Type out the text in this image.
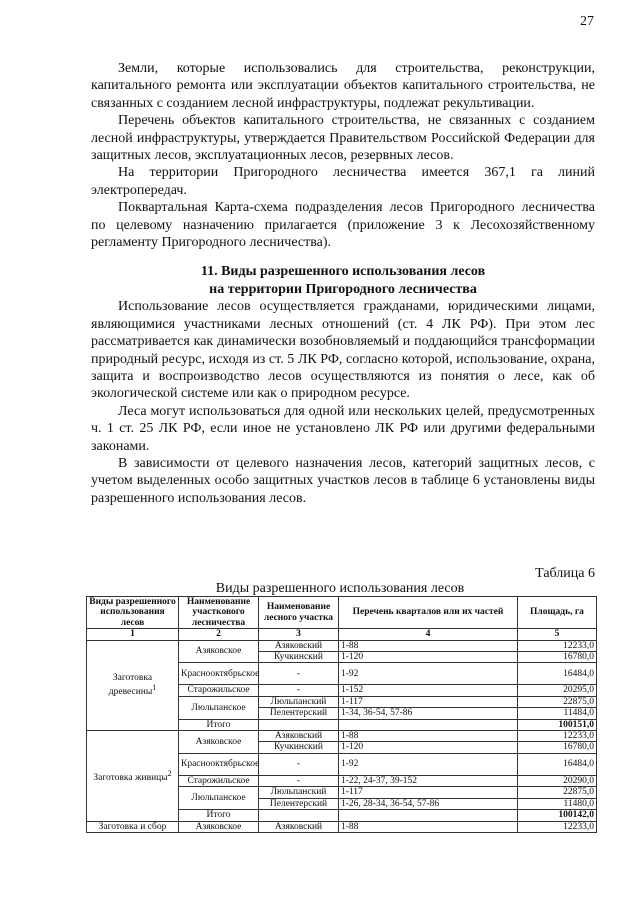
27

Земли, которые использовались для строительства, реконструкции, капитального ремонта или эксплуатации объектов капитального строительства, не связанных с созданием лесной инфраструктуры, подлежат рекультивации.

Перечень объектов капитального строительства, не связанных с созданием лесной инфраструктуры, утверждается Правительством Российской Федерации для защитных лесов, эксплуатационных лесов, резервных лесов.

На территории Пригородного лесничества имеется 367,1 га линий электропередач.

Поквартальная Карта-схема подразделения лесов Пригородного лесничества по целевому назначению прилагается (приложение 3 к Лесохозяйственному регламенту Пригородного лесничества).

11. Виды разрешенного использования лесов
на территории Пригородного лесничества

Использование лесов осуществляется гражданами, юридическими лицами, являющимися участниками лесных отношений (ст. 4 ЛК РФ). При этом лес рассматривается как динамически возобновляемый и поддающийся трансформации природный ресурс, исходя из ст. 5 ЛК РФ, согласно которой, использование, охрана, защита и воспроизводство лесов осуществляются из понятия о лесе, как об экологической системе или как о природном ресурсе.

Леса могут использоваться для одной или нескольких целей, предусмотренных ч. 1 ст. 25 ЛК РФ, если иное не установлено ЛК РФ или другими федеральными законами.

В зависимости от целевого назначения лесов, категорий защитных лесов, с учетом выделенных особо защитных участков лесов в таблице 6 установлены виды разрешенного использования лесов.

Таблица 6
Виды разрешенного использования лесов
Виды разрешенного использования лесов	Наименование участкового лесничества	Наименование лесного участка	Перечень кварталов или их частей	Площадь, га
1	2	3	4	5
Заготовка древесины$^1$	Азяковское	Азяковский	1-88	12233,0
		Кучкинский	1-120	16780,0
	Краснооктябрьское	-	1-92	16484,0
	Старожильское	-	1-152	20295,0
	Люльпанское	Люльпанский	1-117	22875,0
		Пелентерский	1-34, 36-54, 57-86	11484,0
	Итого			100151,0
Заготовка живицы$^2$	Азяковское	Азяковский	1-88	12233,0
		Кучкинский	1-120	16780,0
	Краснооктябрьское	-	1-92	16484,0
	Старожильское	-	1-22, 24-37, 39-152	20290,0
	Люльпанское	Люльпанский	1-117	22875,0
		Пелентерский	1-26, 28-34, 36-54, 57-86	11480,0
	Итого			100142,0
Заготовка и сбор	Азяковское	Азяковский	1-88	12233,0
